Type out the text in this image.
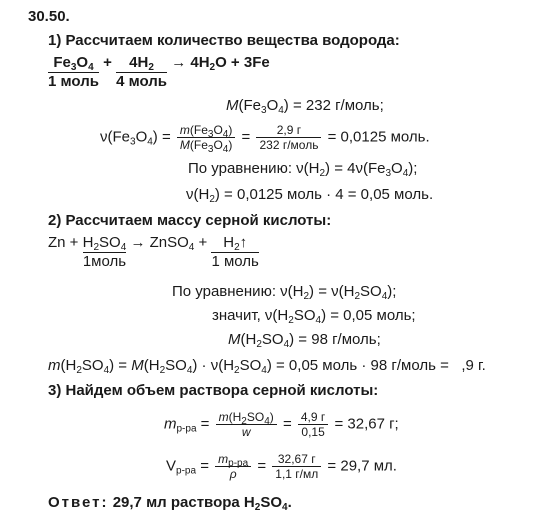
30.50.
1) Рассчитаем количество вещества водорода:
$Fe_3O_4$
1 моль
+	$4H_2$
4 моль
→ $4H_2O + 3Fe$
$M(Fe_3O_4) = 232$ г/моль;
$\nu(Fe_3O_4) = \frac{m(Fe_3O_4)}{M(Fe_3O_4)} = \frac{2,9 г}{\text{232 г/моль}} = 0,0125$ моль.
По уравнению: $\nu(H_2) = 4\nu(Fe_3O_4)$;
$\nu(H_2) = 0,0125$ моль · 4 = 0,05 моль.
2) Рассчитаем массу серной кислоты:
$Zn + H_2SO_4$
1моль
→ ZnSO$_4$ +	$H_2↑$
1 моль
По уравнению: $\nu(H_2) = \nu(H_2SO_4)$;
значит, $\nu(H_2SO_4) = 0,05$ моль;
$M(H_2SO_4) = 98$ г/моль;
$m(H_2SO_4) = M(H_2SO_4) \cdot \nu(H_2SO_4) = 0,05$ моль · 98 г/моль =   ,9 г.
3) Найдем объем раствора серной кислоты:
$m_{р-ра} = \frac{m(H_2SO_4)}{w} = \frac{4,9 г}{0,15} = 32,67$ г;
$V_{р-ра} = \frac{m_{р-ра}}{\rho} = \frac{32,67 г}{1,1 г/мл} = 29,7$ мл.
Ответ: 29,7 мл раствора $H_2SO_4$.
